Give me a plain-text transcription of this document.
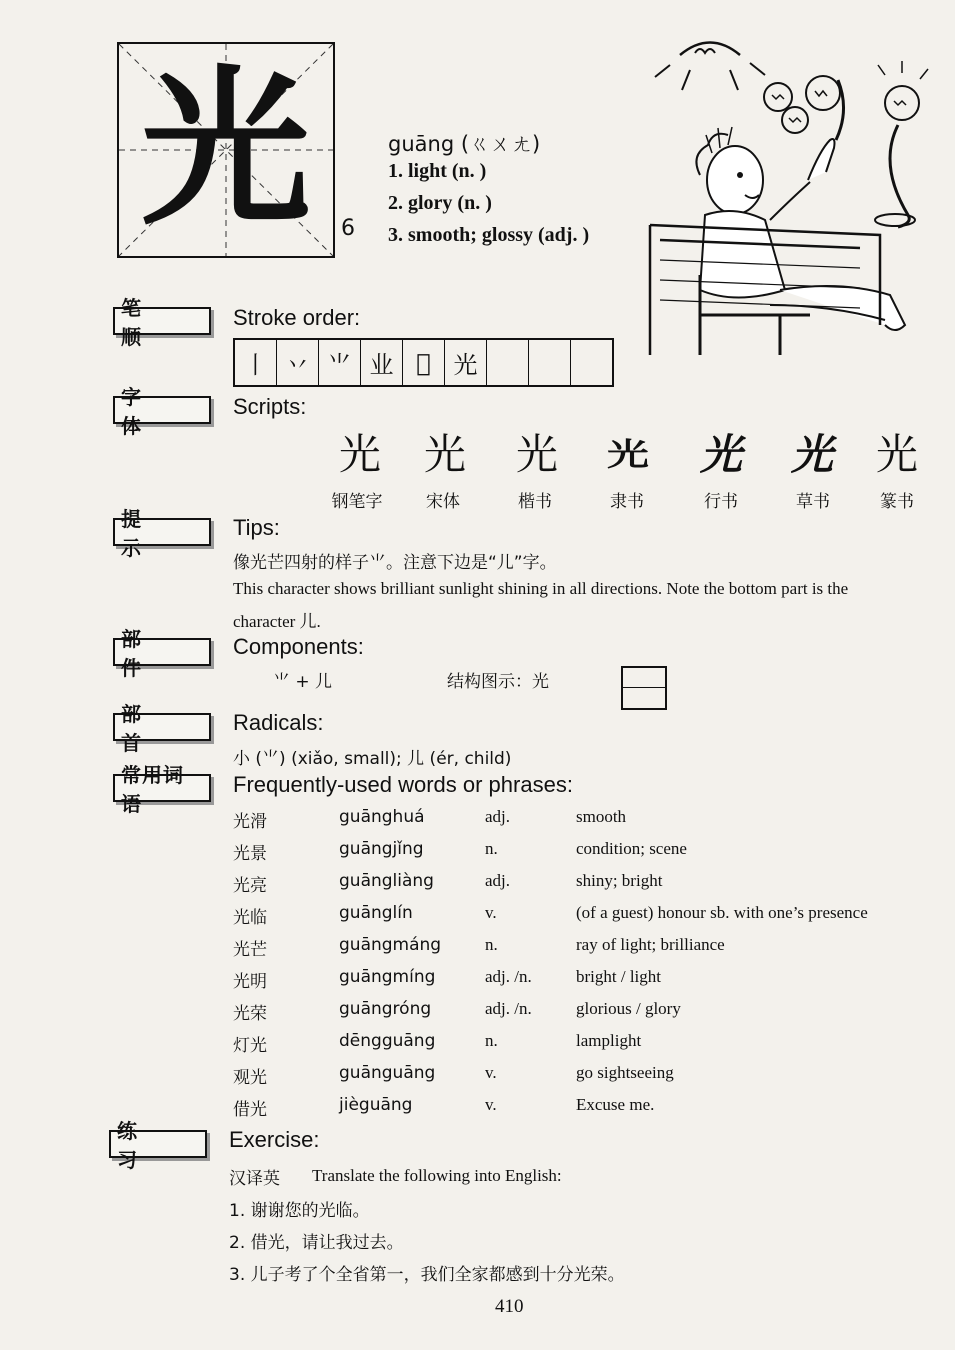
光	6
guāng (ㄍㄨㄤ)
1. light (n. )
2. glory (n. )
3. smooth; glossy (adj. )
笔顺
Stroke order:
丨 丷 ⺌ 业 𫝀 光
字体
Scripts:
光	光	光	光	光	光	光
钢笔字	宋体	楷书	隶书	行书	草书	篆书
提示
Tips:
像光芒四射的样子⺌。注意下边是“儿”字。
This character shows brilliant sunlight shining in all directions. Note the bottom part is the
character 儿.
部件
Components:
⺌ + 儿	结构图示：光
部首
Radicals:
小 (⺌) (xiǎo, small); 儿 (ér, child)
常用词语
Frequently-used words or phrases:
光滑	guānghuá	adj.	smooth
光景	guāngjǐng	n.	condition; scene
光亮	guāngliàng	adj.	shiny; bright
光临	guānglín	v.	(of a guest) honour sb. with one’s presence
光芒	guāngmáng	n.	ray of light; brilliance
光明	guāngmíng	adj. /n.	bright / light
光荣	guāngróng	adj. /n.	glorious / glory
灯光	dēngguāng	n.	lamplight
观光	guānguāng	v.	go sightseeing
借光	jièguāng	v.	Excuse me.
练习
Exercise:
汉译英 Translate the following into English:
1. 谢谢您的光临。
2. 借光，请让我过去。
3. 儿子考了个全省第一，我们全家都感到十分光荣。
410
